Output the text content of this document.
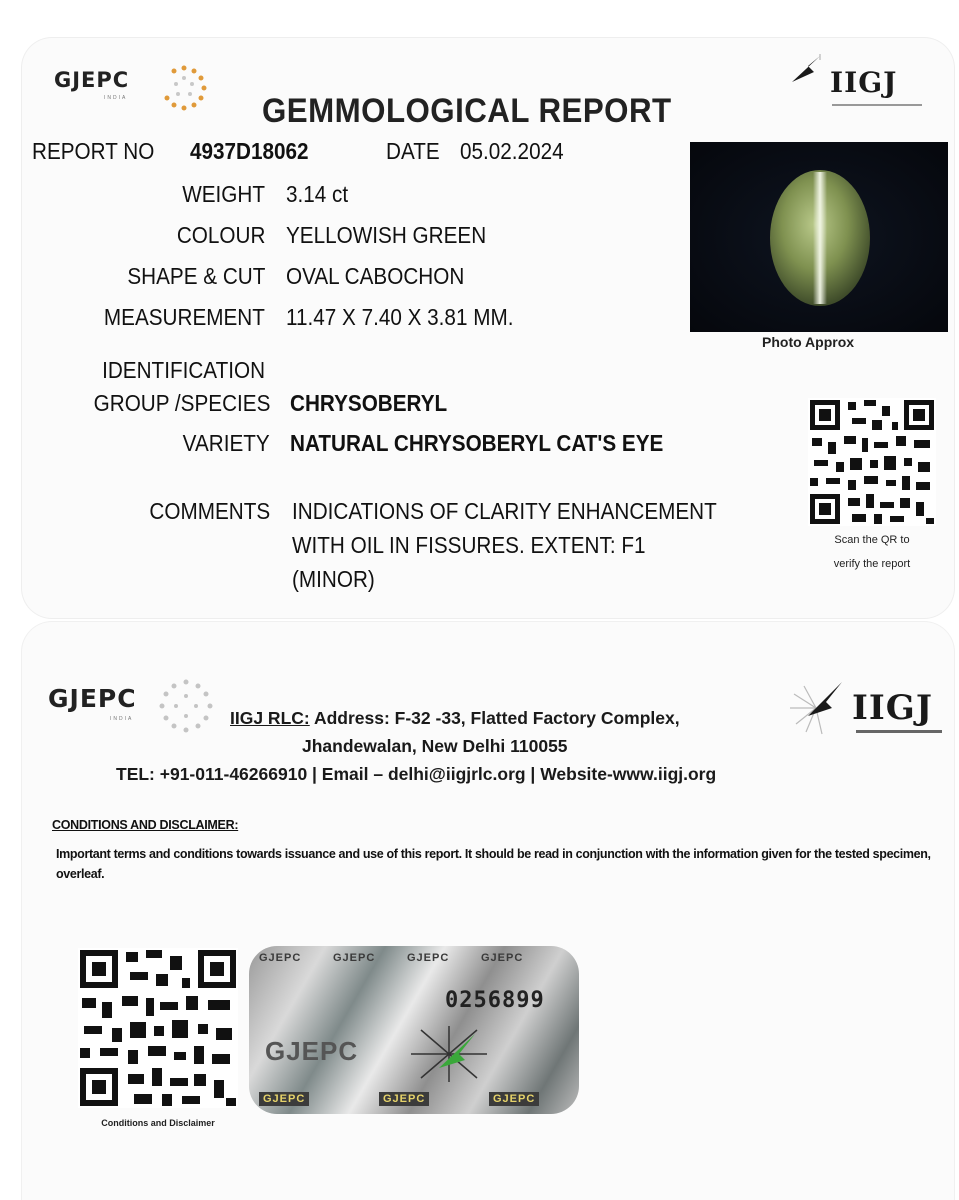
GJEPC
INDIA	IIGJ
GEMMOLOGICAL REPORT
REPORT NO 4937D18062	DATE 05.02.2024
WEIGHT 3.14 ct
COLOUR YELLOWISH GREEN
SHAPE & CUT OVAL CABOCHON
MEASUREMENT 11.47 X 7.40 X 3.81 MM.
IDENTIFICATION
GROUP /SPECIES CHRYSOBERYL
VARIETY NATURAL CHRYSOBERYL CAT'S EYE
COMMENTS INDICATIONS OF CLARITY ENHANCEMENT
WITH OIL IN FISSURES. EXTENT: F1
(MINOR)
Photo Approx
Scan the QR to
verify the report
GJEPC
INDIA	IIGJ
IIGJ RLC: Address: F-32 -33, Flatted Factory Complex,
Jhandewalan, New Delhi 110055
TEL: +91-011-46266910 | Email – delhi@iigjrlc.org | Website-www.iigj.org
CONDITIONS AND DISCLAIMER:
Important terms and conditions towards issuance and use of this report. It should be read in conjunction with the information given for the tested specimen, overleaf.
Conditions and Disclaimer
GJEPC	GJEPC	GJEPC	GJEPC
0256899
GJEPC
GJEPC	GJEPC	GJEPC
